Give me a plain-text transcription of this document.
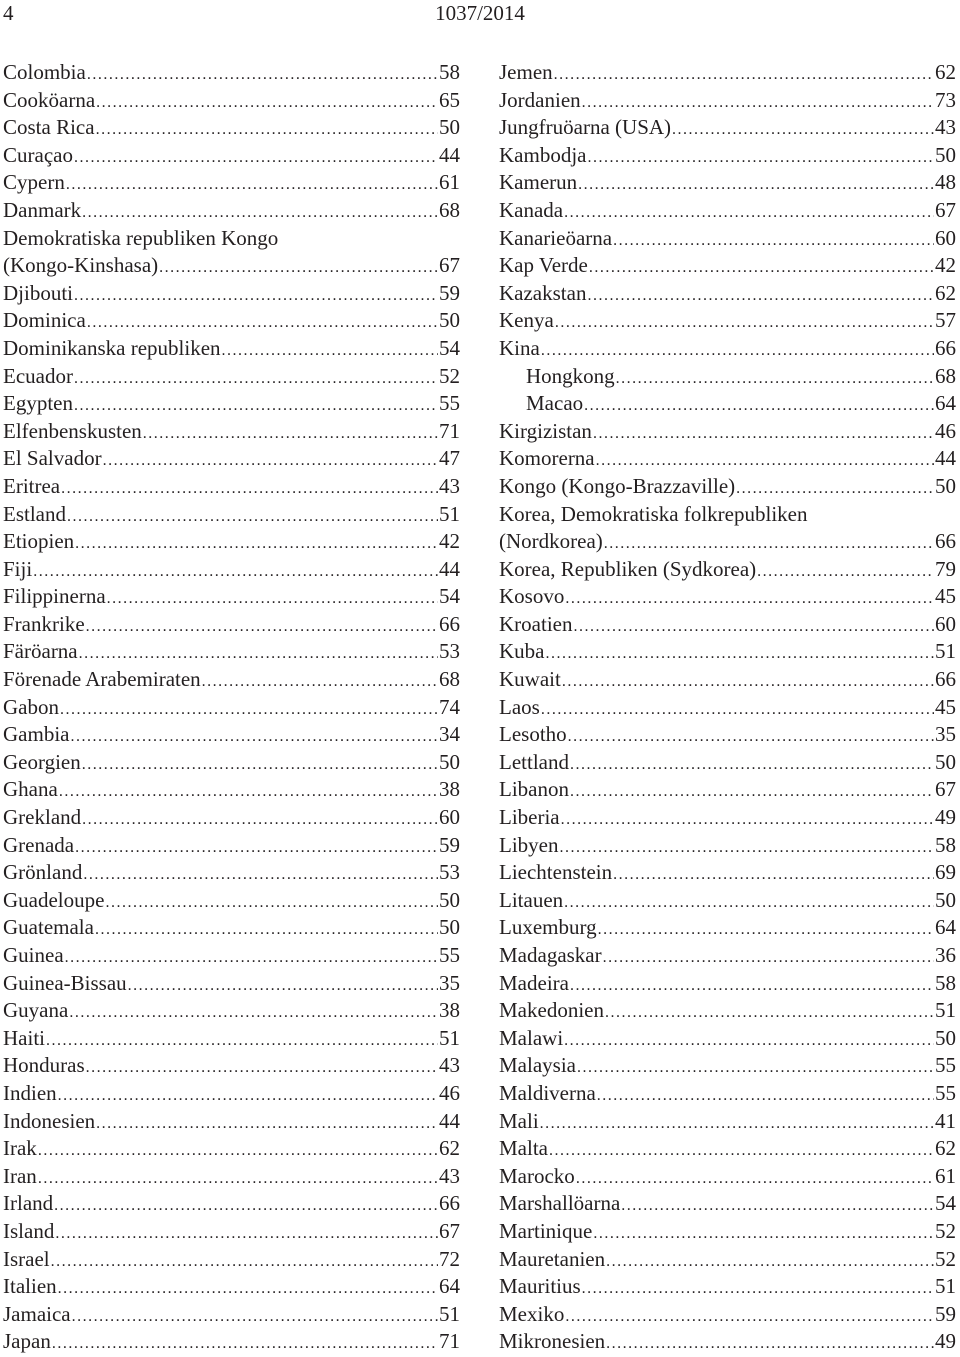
4	1037/2014
Colombia .....	58
Cooköarna .....	65
Costa Rica .....	50
Curaçao .....	44
Cypern .....	61
Danmark .....	68
Demokratiska republiken Kongo
(Kongo-Kinshasa) .....	67
Djibouti .....	59
Dominica .....	50
Dominikanska republiken .....	54
Ecuador .....	52
Egypten .....	55
Elfenbenskusten .....	71
El Salvador .....	47
Eritrea .....	43
Estland .....	51
Etiopien .....	42
Fiji .....	44
Filippinerna .....	54
Frankrike .....	66
Färöarna .....	53
Förenade Arabemiraten .....	68
Gabon .....	74
Gambia .....	34
Georgien .....	50
Ghana .....	38
Grekland .....	60
Grenada .....	59
Grönland .....	53
Guadeloupe .....	50
Guatemala .....	50
Guinea .....	55
Guinea-Bissau .....	35
Guyana .....	38
Haiti .....	51
Honduras .....	43
Indien .....	46
Indonesien .....	44
Irak .....	62
Iran .....	43
Irland .....	66
Island .....	67
Israel .....	72
Italien .....	64
Jamaica .....	51
Japan .....	71
Jemen .....	62
Jordanien .....	73
Jungfruöarna (USA) .....	43
Kambodja .....	50
Kamerun .....	48
Kanada .....	67
Kanarieöarna .....	60
Kap Verde .....	42
Kazakstan .....	62
Kenya .....	57
Kina .....	66
Hongkong .....	68
Macao .....	64
Kirgizistan .....	46
Komorerna .....	44
Kongo (Kongo-Brazzaville) .....	50
Korea, Demokratiska folkrepubliken
(Nordkorea) .....	66
Korea, Republiken (Sydkorea) .....	79
Kosovo .....	45
Kroatien .....	60
Kuba .....	51
Kuwait .....	66
Laos .....	45
Lesotho .....	35
Lettland .....	50
Libanon .....	67
Liberia .....	49
Libyen .....	58
Liechtenstein .....	69
Litauen .....	50
Luxemburg .....	64
Madagaskar .....	36
Madeira .....	58
Makedonien .....	51
Malawi .....	50
Malaysia .....	55
Maldiverna .....	55
Mali .....	41
Malta .....	62
Marocko .....	61
Marshallöarna .....	54
Martinique .....	52
Mauretanien .....	52
Mauritius .....	51
Mexiko .....	59
Mikronesien .....	49
